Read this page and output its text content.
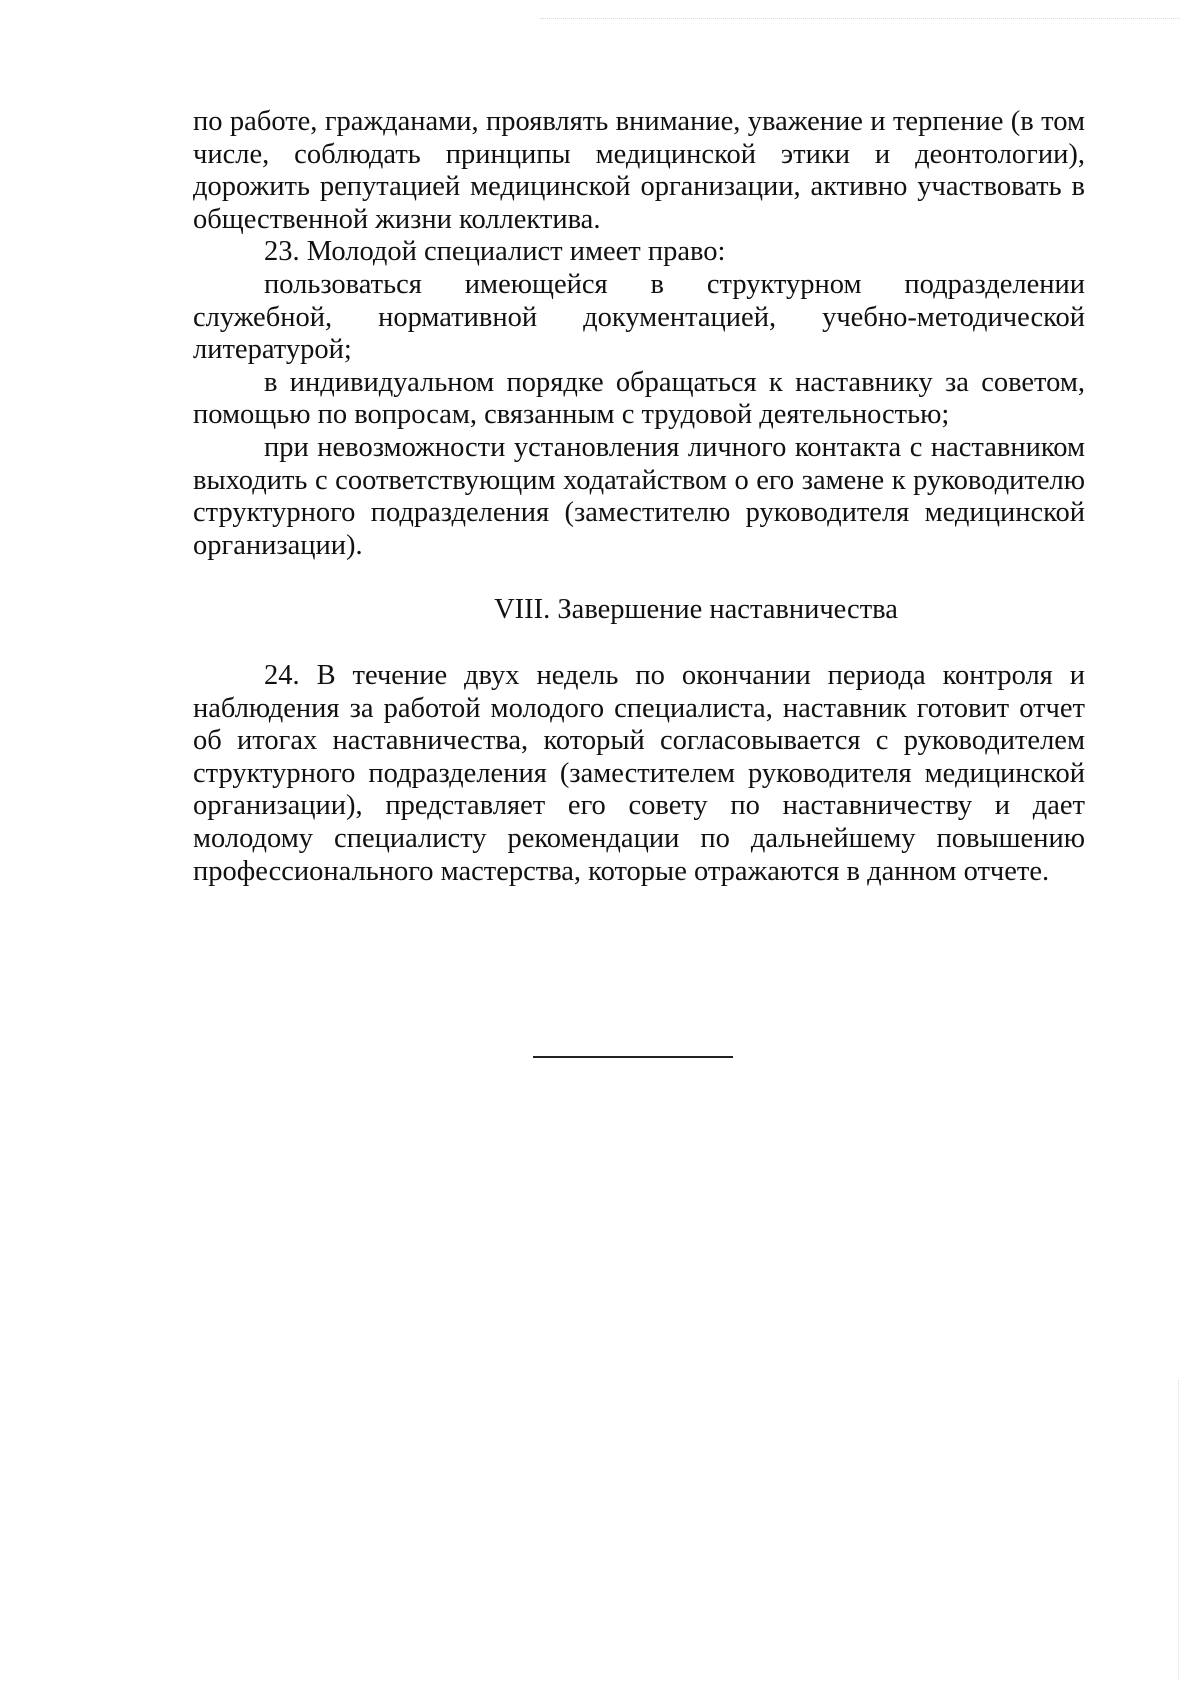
по работе, гражданами, проявлять внимание, уважение и терпение (в том числе, соблюдать принципы медицинской этики и деонтологии), дорожить репутацией медицинской организации, активно участвовать в общественной жизни коллектива.

23. Молодой специалист имеет право:

пользоваться имеющейся в структурном подразделении служебной, нормативной документацией, учебно-методической литературой;

в индивидуальном порядке обращаться к наставнику за советом, помощью по вопросам, связанным с трудовой деятельностью;

при невозможности установления личного контакта с наставником выходить с соответствующим ходатайством о его замене к руководителю структурного подразделения (заместителю руководителя медицинской организации).

VIII. Завершение наставничества

24. В течение двух недель по окончании периода контроля и наблюдения за работой молодого специалиста, наставник готовит отчет об итогах наставничества, который согласовывается с руководителем структурного подразделения (заместителем руководителя медицинской организации), представляет его совету по наставничеству и дает молодому специалисту рекомендации по дальнейшему повышению профессионального мастерства, которые отражаются в данном отчете.
